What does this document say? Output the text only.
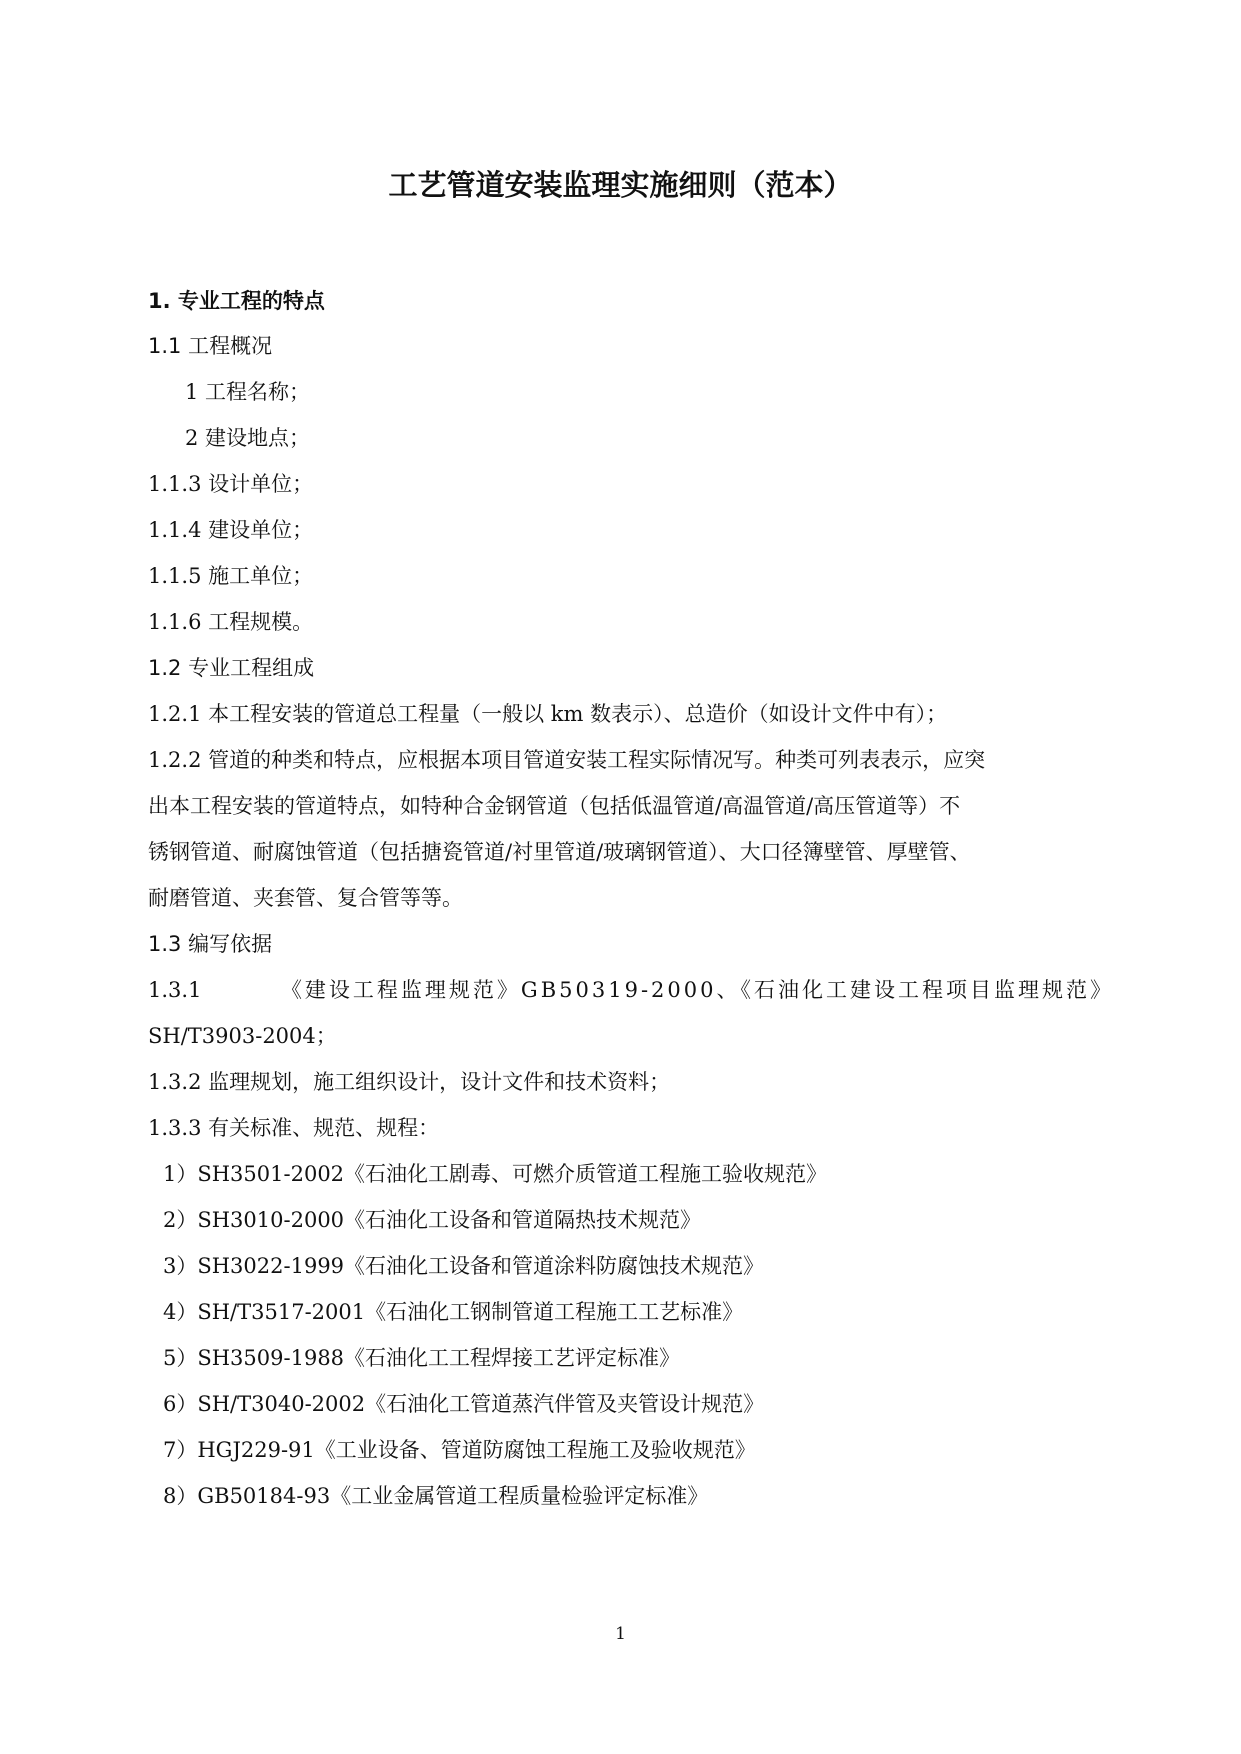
工艺管道安装监理实施细则（范本）
1. 专业工程的特点
1.1 工程概况
1 工程名称；
2 建设地点；
1.1.3 设计单位；
1.1.4 建设单位；
1.1.5 施工单位；
1.1.6 工程规模。
1.2 专业工程组成
1.2.1 本工程安装的管道总工程量（一般以 km 数表示）、总造价（如设计文件中有）；
1.2.2 管道的种类和特点，应根据本项目管道安装工程实际情况写。种类可列表表示，应突
出本工程安装的管道特点，如特种合金钢管道（包括低温管道/高温管道/高压管道等）不
锈钢管道、耐腐蚀管道（包括搪瓷管道/衬里管道/玻璃钢管道）、大口径簿壁管、厚壁管、
耐磨管道、夹套管、复合管等等。
1.3 编写依据
1.3.1	《建设工程监理规范》GB50319-2000、《石油化工建设工程项目监理规范》
SH/T3903-2004；
1.3.2 监理规划，施工组织设计，设计文件和技术资料；
1.3.3 有关标准、规范、规程：
1）SH3501-2002《石油化工剧毒、可燃介质管道工程施工验收规范》
2）SH3010-2000《石油化工设备和管道隔热技术规范》
3）SH3022-1999《石油化工设备和管道涂料防腐蚀技术规范》
4）SH/T3517-2001《石油化工钢制管道工程施工工艺标准》
5）SH3509-1988《石油化工工程焊接工艺评定标准》
6）SH/T3040-2002《石油化工管道蒸汽伴管及夹管设计规范》
7）HGJ229-91《工业设备、管道防腐蚀工程施工及验收规范》
8）GB50184-93《工业金属管道工程质量检验评定标准》
1
